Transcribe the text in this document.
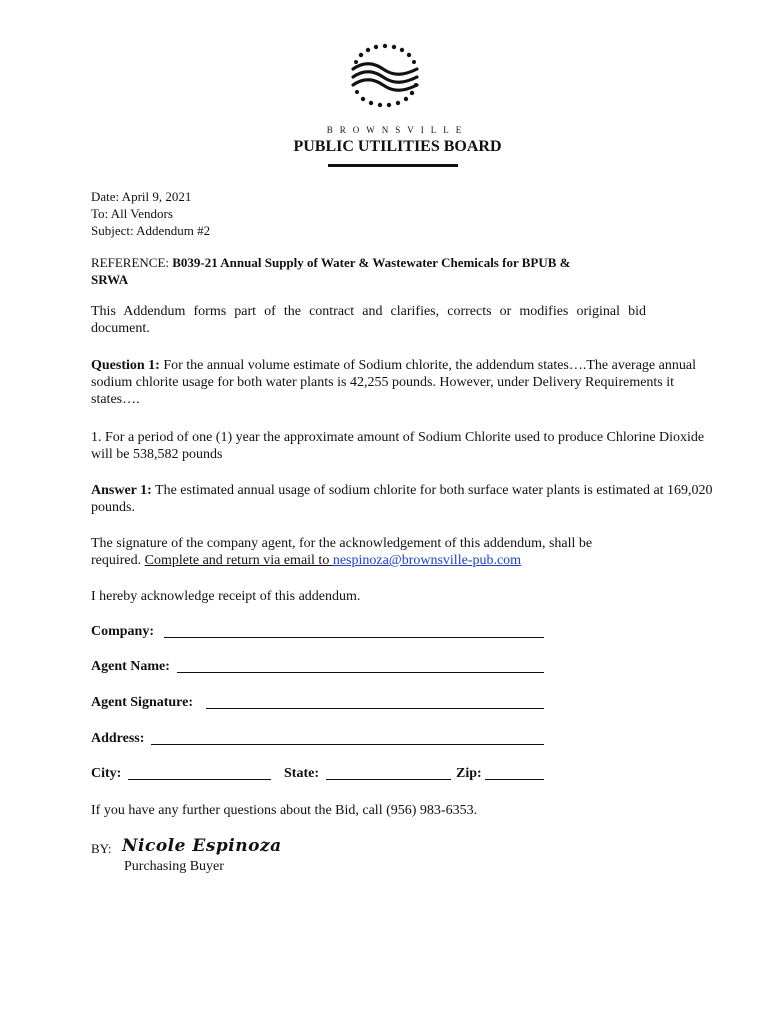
BROWNSVILLE
PUBLIC UTILITIES BOARD
Date: April 9, 2021
To: All Vendors
Subject: Addendum #2
REFERENCE: B039-21 Annual Supply of Water & Wastewater Chemicals for BPUB &
SRWA
This Addendum forms part of the contract and clarifies, corrects or modifies original bid document.
Question 1: For the annual volume estimate of Sodium chlorite, the addendum states….The average annual sodium chlorite usage for both water plants is 42,255 pounds. However, under Delivery Requirements it states….
1. For a period of one (1) year the approximate amount of Sodium Chlorite used to produce Chlorine Dioxide will be 538,582 pounds
Answer 1: The estimated annual usage of sodium chlorite for both surface water plants is estimated at 169,020 pounds.
The signature of the company agent, for the acknowledgement of this addendum, shall be
required. Complete and return via email to nespinoza@brownsville-pub.com
I hereby acknowledge receipt of this addendum.
Company:
Agent Name:
Agent Signature:
Address:
City:	State:	Zip:
If you have any further questions about the Bid, call (956) 983-6353.
BY: Nicole Espinoza
Purchasing Buyer
